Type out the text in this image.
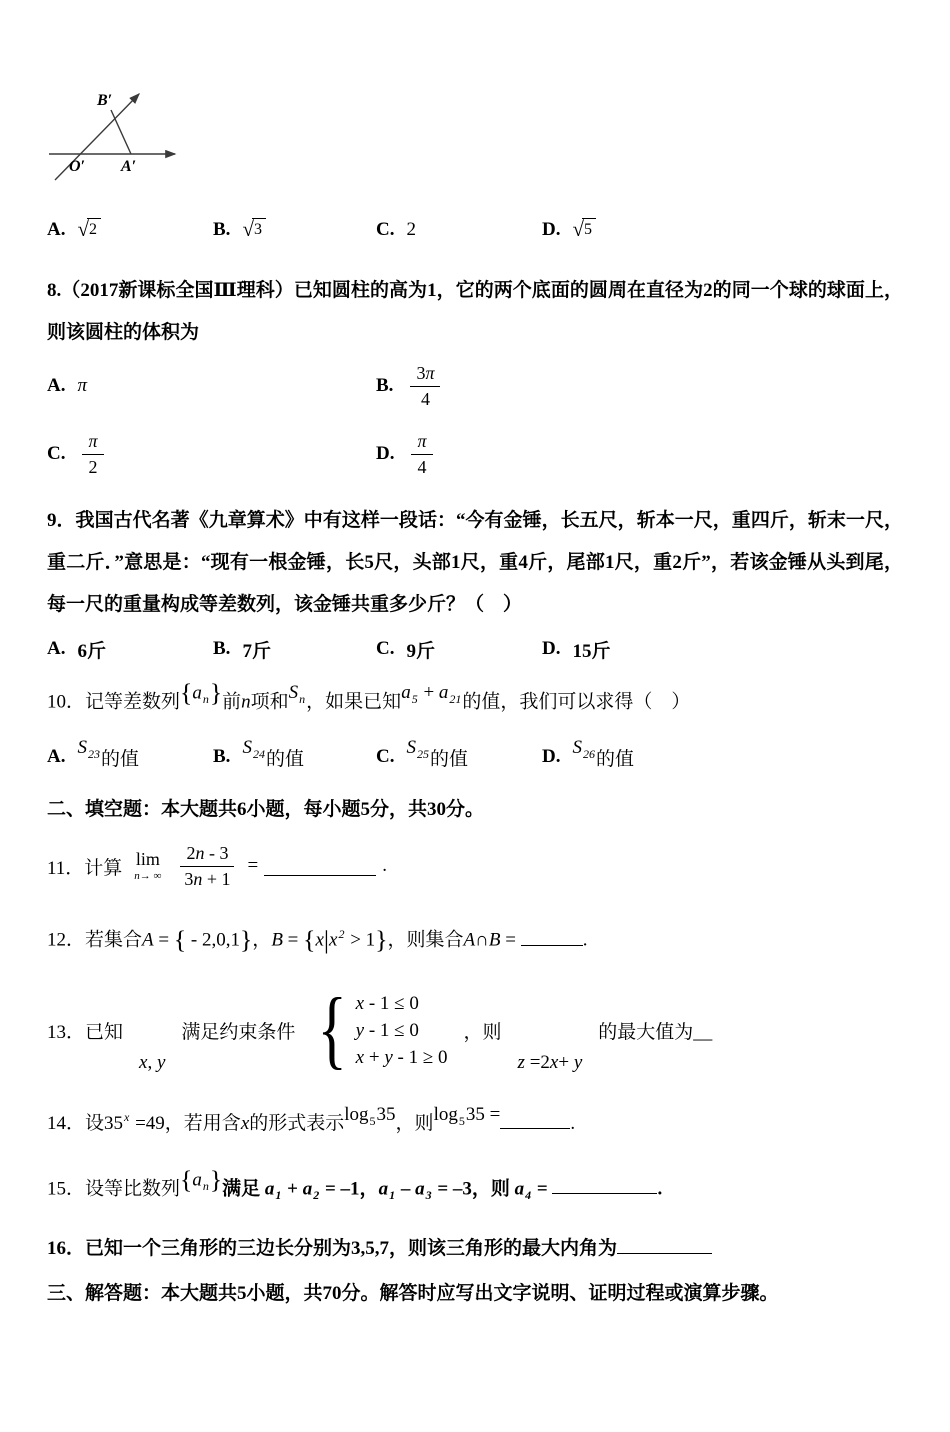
B′
O′ A′
A. √ 2	B. √ 3	C. 2	D. √ 5
8.（2017新课标全国Ⅲ理科）已知圆柱的高为1，它的两个底面的圆周在直径为2的同一个球的球面上，则该圆柱的体积为
A. π	B. $\frac{3\pi}{4}$
C. $\frac{\pi}{2}$	D. $\frac{\pi}{4}$
9．我国古代名著《九章算术》中有这样一段话：“今有金锤，长五尺，斩本一尺，重四斤，斩末一尺，重二斤．”意思是：“现有一根金锤，长5尺，头部1尺，重4斤，尾部1尺，重2斤”，若该金锤从头到尾，每一尺的重量构成等差数列，该金锤共重多少斤？（　）
A. 6斤	B. 7斤	C. 9斤	D. 15斤
10．记等差数列$\{a_n\}$前n项和$S_n$，如果已知$a_5 + a_{21}$的值，我们可以求得（　）
A. $S_{23}$ 的值	B. $S_{24}$ 的值	C. $S_{25}$ 的值	D. $S_{26}$ 的值
二、填空题：本大题共6小题，每小题5分，共30分。
11．计算 lim
n→ ∞ $\frac{2n - 3}{3n + 1}$ =	.
12．若集合A = { - 2,0,1}，$B = \{x|x^2 > 1\}$，则集合A∩B =	.
13．已知
x, y
满足约束条件 { x - 1 ≤ 0
y - 1 ≤ 0
x + y - 1 ≥ 0
，则
z =2x+ y
的最大值为__
14．设$35^x =49$，若用含x的形式表示$\log_535$，则$\log_535$ =	.
15．设等比数列$\{a_n\}$满足 $a_1 + a_2 = -1$，$a_1 - a_3 = -3$，则 $a_4$ =	.
16．已知一个三角形的三边长分别为3,5,7，则该三角形的最大内角为
三、解答题：本大题共5小题，共70分。解答时应写出文字说明、证明过程或演算步骤。
